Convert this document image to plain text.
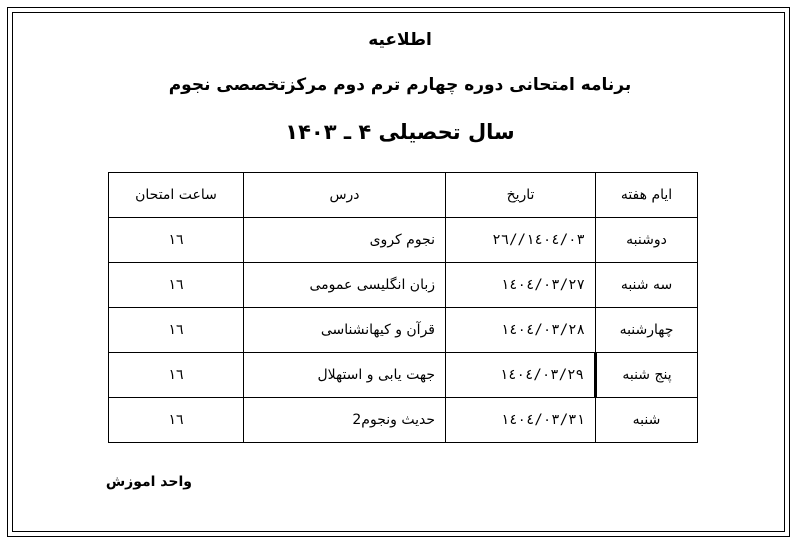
اطلاعیه
برنامه امتحانی دوره چهارم ترم دوم مرکزتخصصی نجوم
سال تحصیلی ۴ ـ ۱۴۰۳
ایام هفته	تاریخ	درس	ساعت امتحان
دوشنبه	١٤٠٤/٠٣//٢٦	نجوم کروی	١٦
سه شنبه	١٤٠٤/٠٣/٢٧	زبان انگلیسی عمومی	١٦
چهارشنبه	١٤٠٤/٠٣/٢٨	قرآن و کیهانشناسی	١٦
پنج شنبه	١٤٠٤/٠٣/٢٩	جهت یابی و استهلال	١٦
شنبه	١٤٠٤/٠٣/٣١	حدیث ونجوم2	١٦
واحد اموزش
